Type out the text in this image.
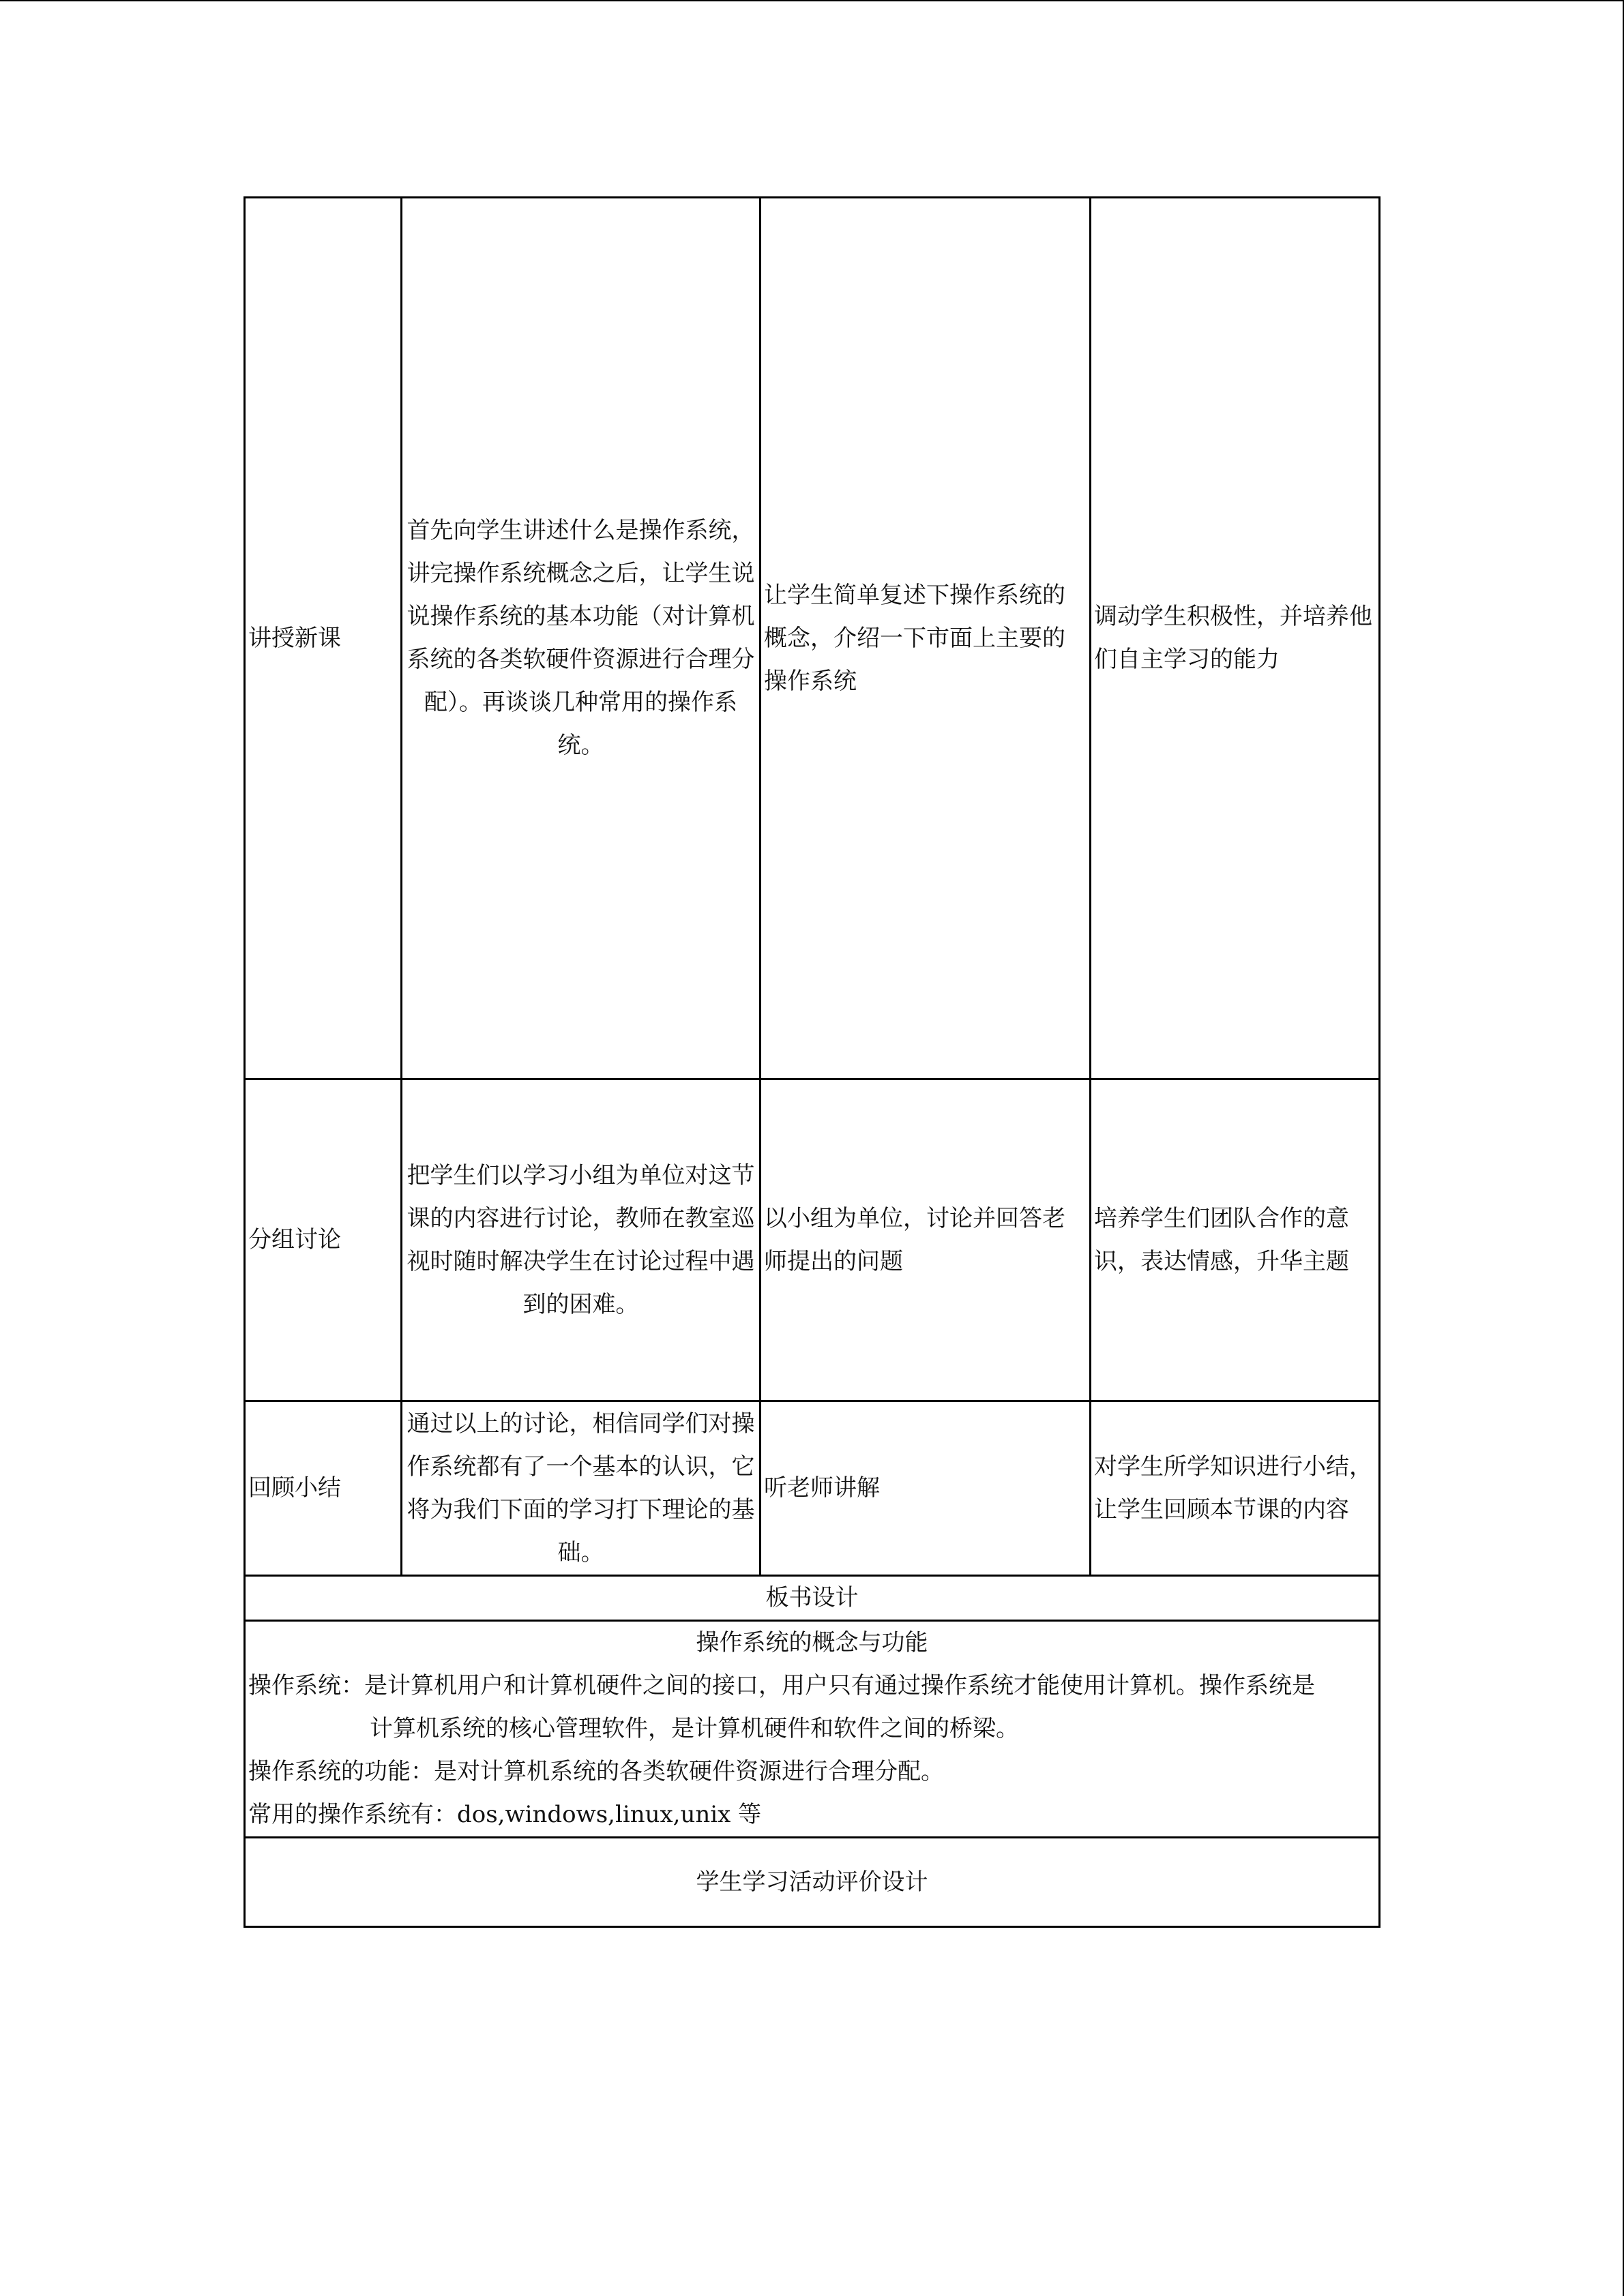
讲授新课	首先向学生讲述什么是操作系统，讲完操作系统概念之后，让学生说说操作系统的基本功能（对计算机系统的各类软硬件资源进行合理分配）。再谈谈几种常用的操作系统。	让学生简单复述下操作系统的概念，介绍一下市面上主要的操作系统	调动学生积极性，并培养他们自主学习的能力
分组讨论	把学生们以学习小组为单位对这节课的内容进行讨论，教师在教室巡视时随时解决学生在讨论过程中遇到的困难。	以小组为单位，讨论并回答老师提出的问题	培养学生们团队合作的意识，表达情感，升华主题
回顾小结	通过以上的讨论，相信同学们对操作系统都有了一个基本的认识，它将为我们下面的学习打下理论的基础。	听老师讲解	对学生所学知识进行小结，让学生回顾本节课的内容
板书设计			

操作系统的概念与功能
操作系统：是计算机用户和计算机硬件之间的接口，用户只有通过操作系统才能使用计算机。操作系统是
计算机系统的核心管理软件，是计算机硬件和软件之间的桥梁。
操作系统的功能：是对计算机系统的各类软硬件资源进行合理分配。
常用的操作系统有：dos,windows,linux,unix 等			

学生学习活动评价设计			
